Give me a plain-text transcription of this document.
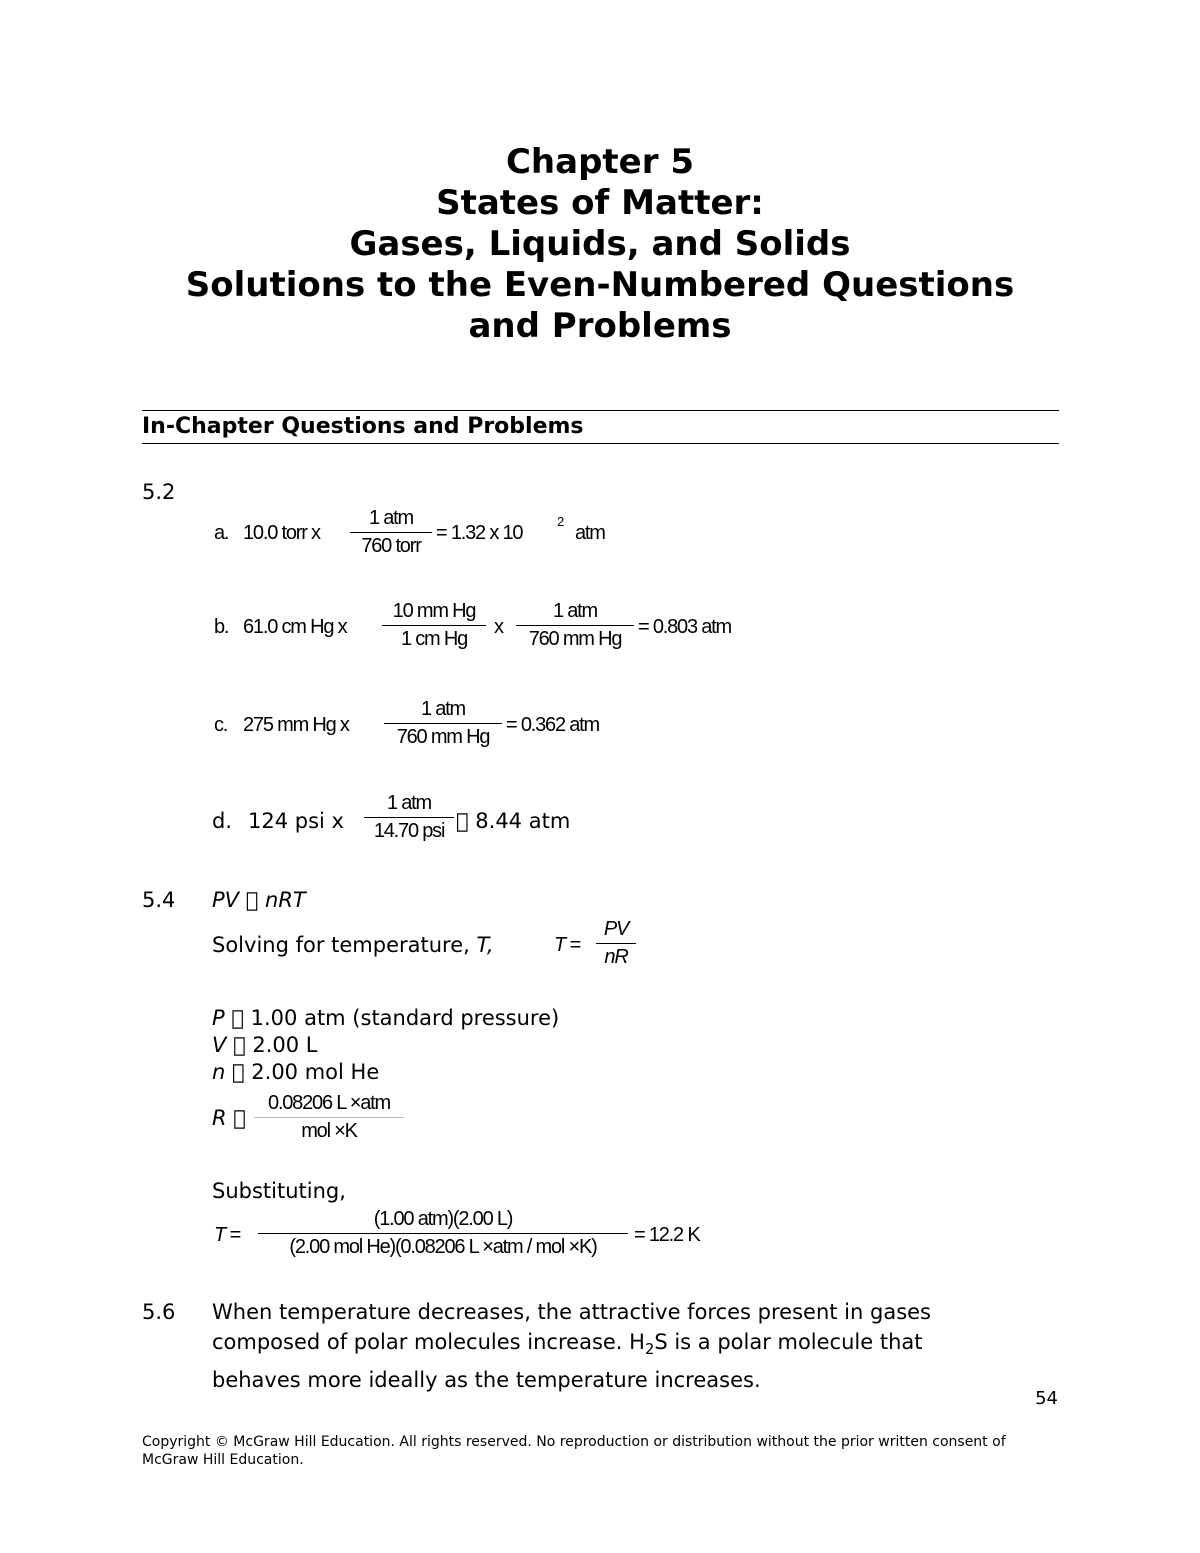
Chapter 5
States of Matter:
Gases, Liquids, and Solids
Solutions to the Even-Numbered Questions
and Problems
In-Chapter Questions and Problems
5.2
a. 10.0 torr x
1 atm
760 torr
= 1.32 x 10
2
atm
b. 61.0 cm Hg x
10 mm Hg
1 cm Hg
x
1 atm
760 mm Hg
= 0.803 atm
c. 275 mm Hg x
1 atm
760 mm Hg
= 0.362 atm
d. 124 psi x
1 atm
14.70 psi   8.44 atm
5.4 PV   nRT
Solving for temperature, T,	T =
PV
nR
P   1.00 atm (standard pressure)
V   2.00 L
n   2.00 mol He
R  
0.08206 L ×atm
mol ×K
Substituting,
T =
(1.00 atm)(2.00 L)
(2.00 mol He)(0.08206 L ×atm / mol ×K)
= 12.2 K
5.6 When temperature decreases, the attractive forces present in gases

composed of polar molecules increase. $H_2S$ is a polar molecule that

behaves more ideally as the temperature increases.

54
Copyright © McGraw Hill Education. All rights reserved. No reproduction or distribution without the prior written consent of McGraw Hill Education.
